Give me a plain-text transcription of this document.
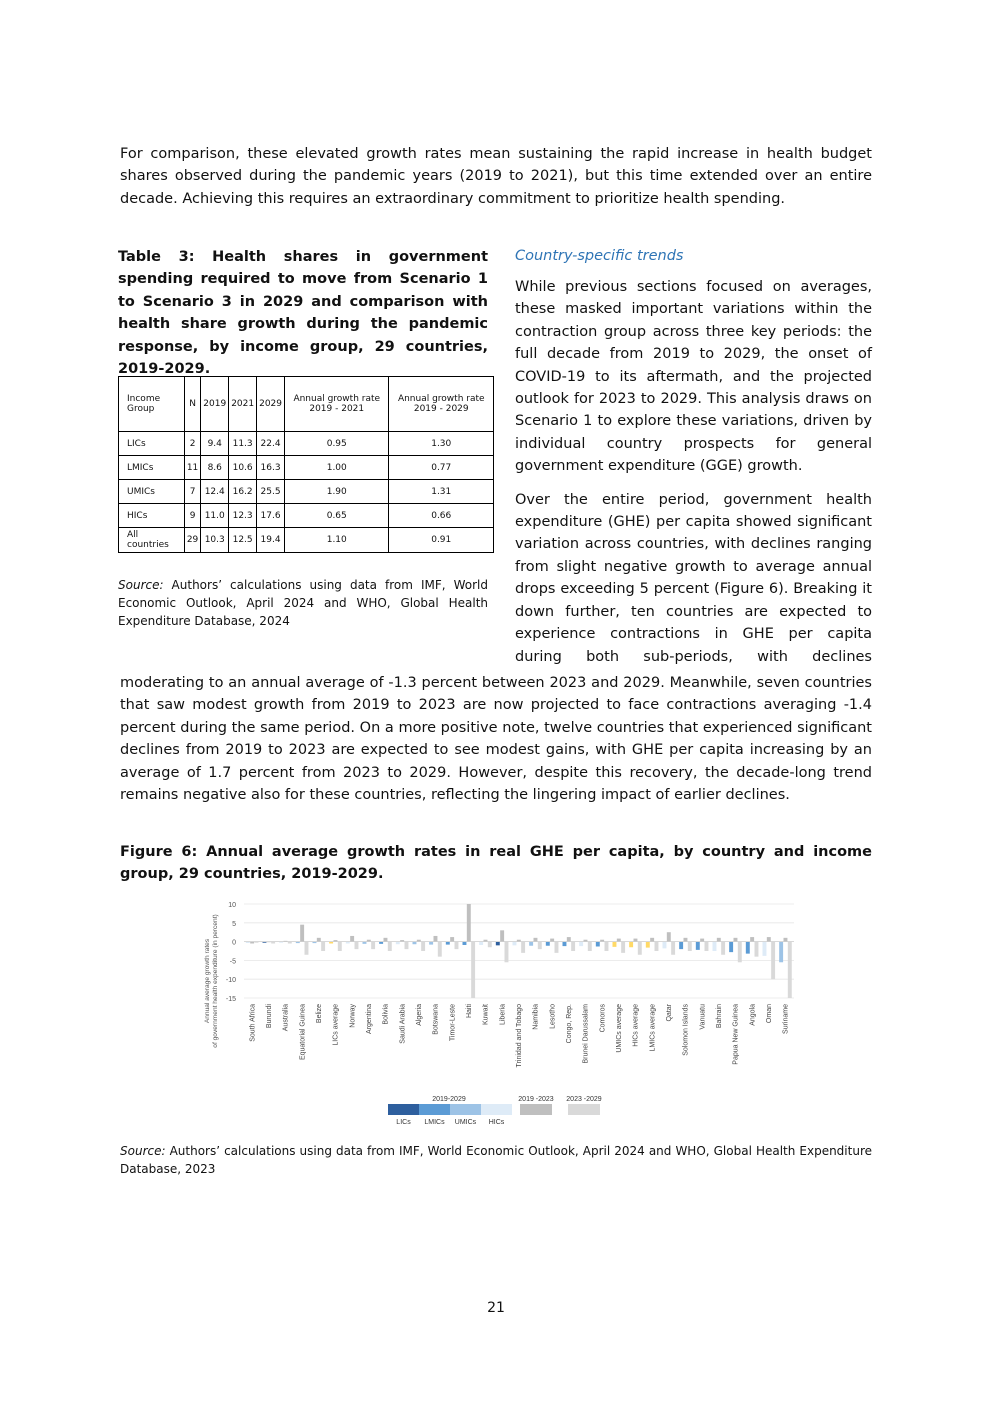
For comparison, these elevated growth rates mean sustaining the rapid increase in health budget shares observed during the pandemic years (2019 to 2021), but this time extended over an entire decade. Achieving this requires an extraordinary commitment to prioritize health spending.

Table 3: Health shares in government spending required to move from Scenario 1 to Scenario 3 in 2029 and comparison with health share growth during the pandemic response, by income group, 29 countries, 2019-2029.

Income Group	N	2019	2021	2029	Annual growth rate 2019 - 2021	Annual growth rate 2019 - 2029
LICs	2	9.4	11.3	22.4	0.95	1.30
LMICs	11	8.6	10.6	16.3	1.00	0.77
UMICs	7	12.4	16.2	25.5	1.90	1.31
HICs	9	11.0	12.3	17.6	0.65	0.66
All countries	29	10.3	12.5	19.4	1.10	0.91

Source: Authors’ calculations using data from IMF, World Economic Outlook, April 2024 and WHO, Global Health Expenditure Database, 2024

Country-specific trends

While previous sections focused on averages, these masked important variations within the contraction group across three key periods: the full decade from 2019 to 2029, the onset of COVID-19 to its aftermath, and the projected outlook for 2023 to 2029. This analysis draws on Scenario 1 to explore these variations, driven by individual country prospects for general government expenditure (GGE) growth.

Over the entire period, government health expenditure (GHE) per capita showed significant variation across countries, with declines ranging from slight negative growth to average annual drops exceeding 5 percent (Figure 6). Breaking it down further, ten countries are expected to experience contractions in GHE per capita during both sub-periods, with declines

moderating to an annual average of -1.3 percent between 2023 and 2029. Meanwhile, seven countries that saw modest growth from 2019 to 2023 are now projected to face contractions averaging -1.4 percent during the same period. On a more positive note, twelve countries that experienced significant declines from 2019 to 2023 are expected to see modest gains, with GHE per capita increasing by an average of 1.7 percent from 2023 to 2029. However, despite this recovery, the decade-long trend remains negative also for these countries, reflecting the lingering impact of earlier declines.

Figure 6: Annual average growth rates in real GHE per capita, by country and income group, 29 countries, 2019-2029.

10
5
0
-5
-10
-15
Annual average growth ratesof government health expenditure (in percent)	South Africa Burundi Australia Equatorial Guinea Belize LICs average Norway Argentina Bolivia Saudi Arabia Algeria Botswana Timor-Leste Haiti Kuwait Liberia Trinidad and Tobago Namibia Lesotho Congo, Rep. Brunei Darussalam Comoros UMICs average HICs average LMICs average Qatar Solomon Islands Vanuatu Bahrain Papua New Guinea Angola Oman Suriname
2019-2029
LICs LMICs UMICs HICs
2019 -2023 2023 -2029

Source: Authors’ calculations using data from IMF, World Economic Outlook, April 2024 and WHO, Global Health Expenditure Database, 2023

21
